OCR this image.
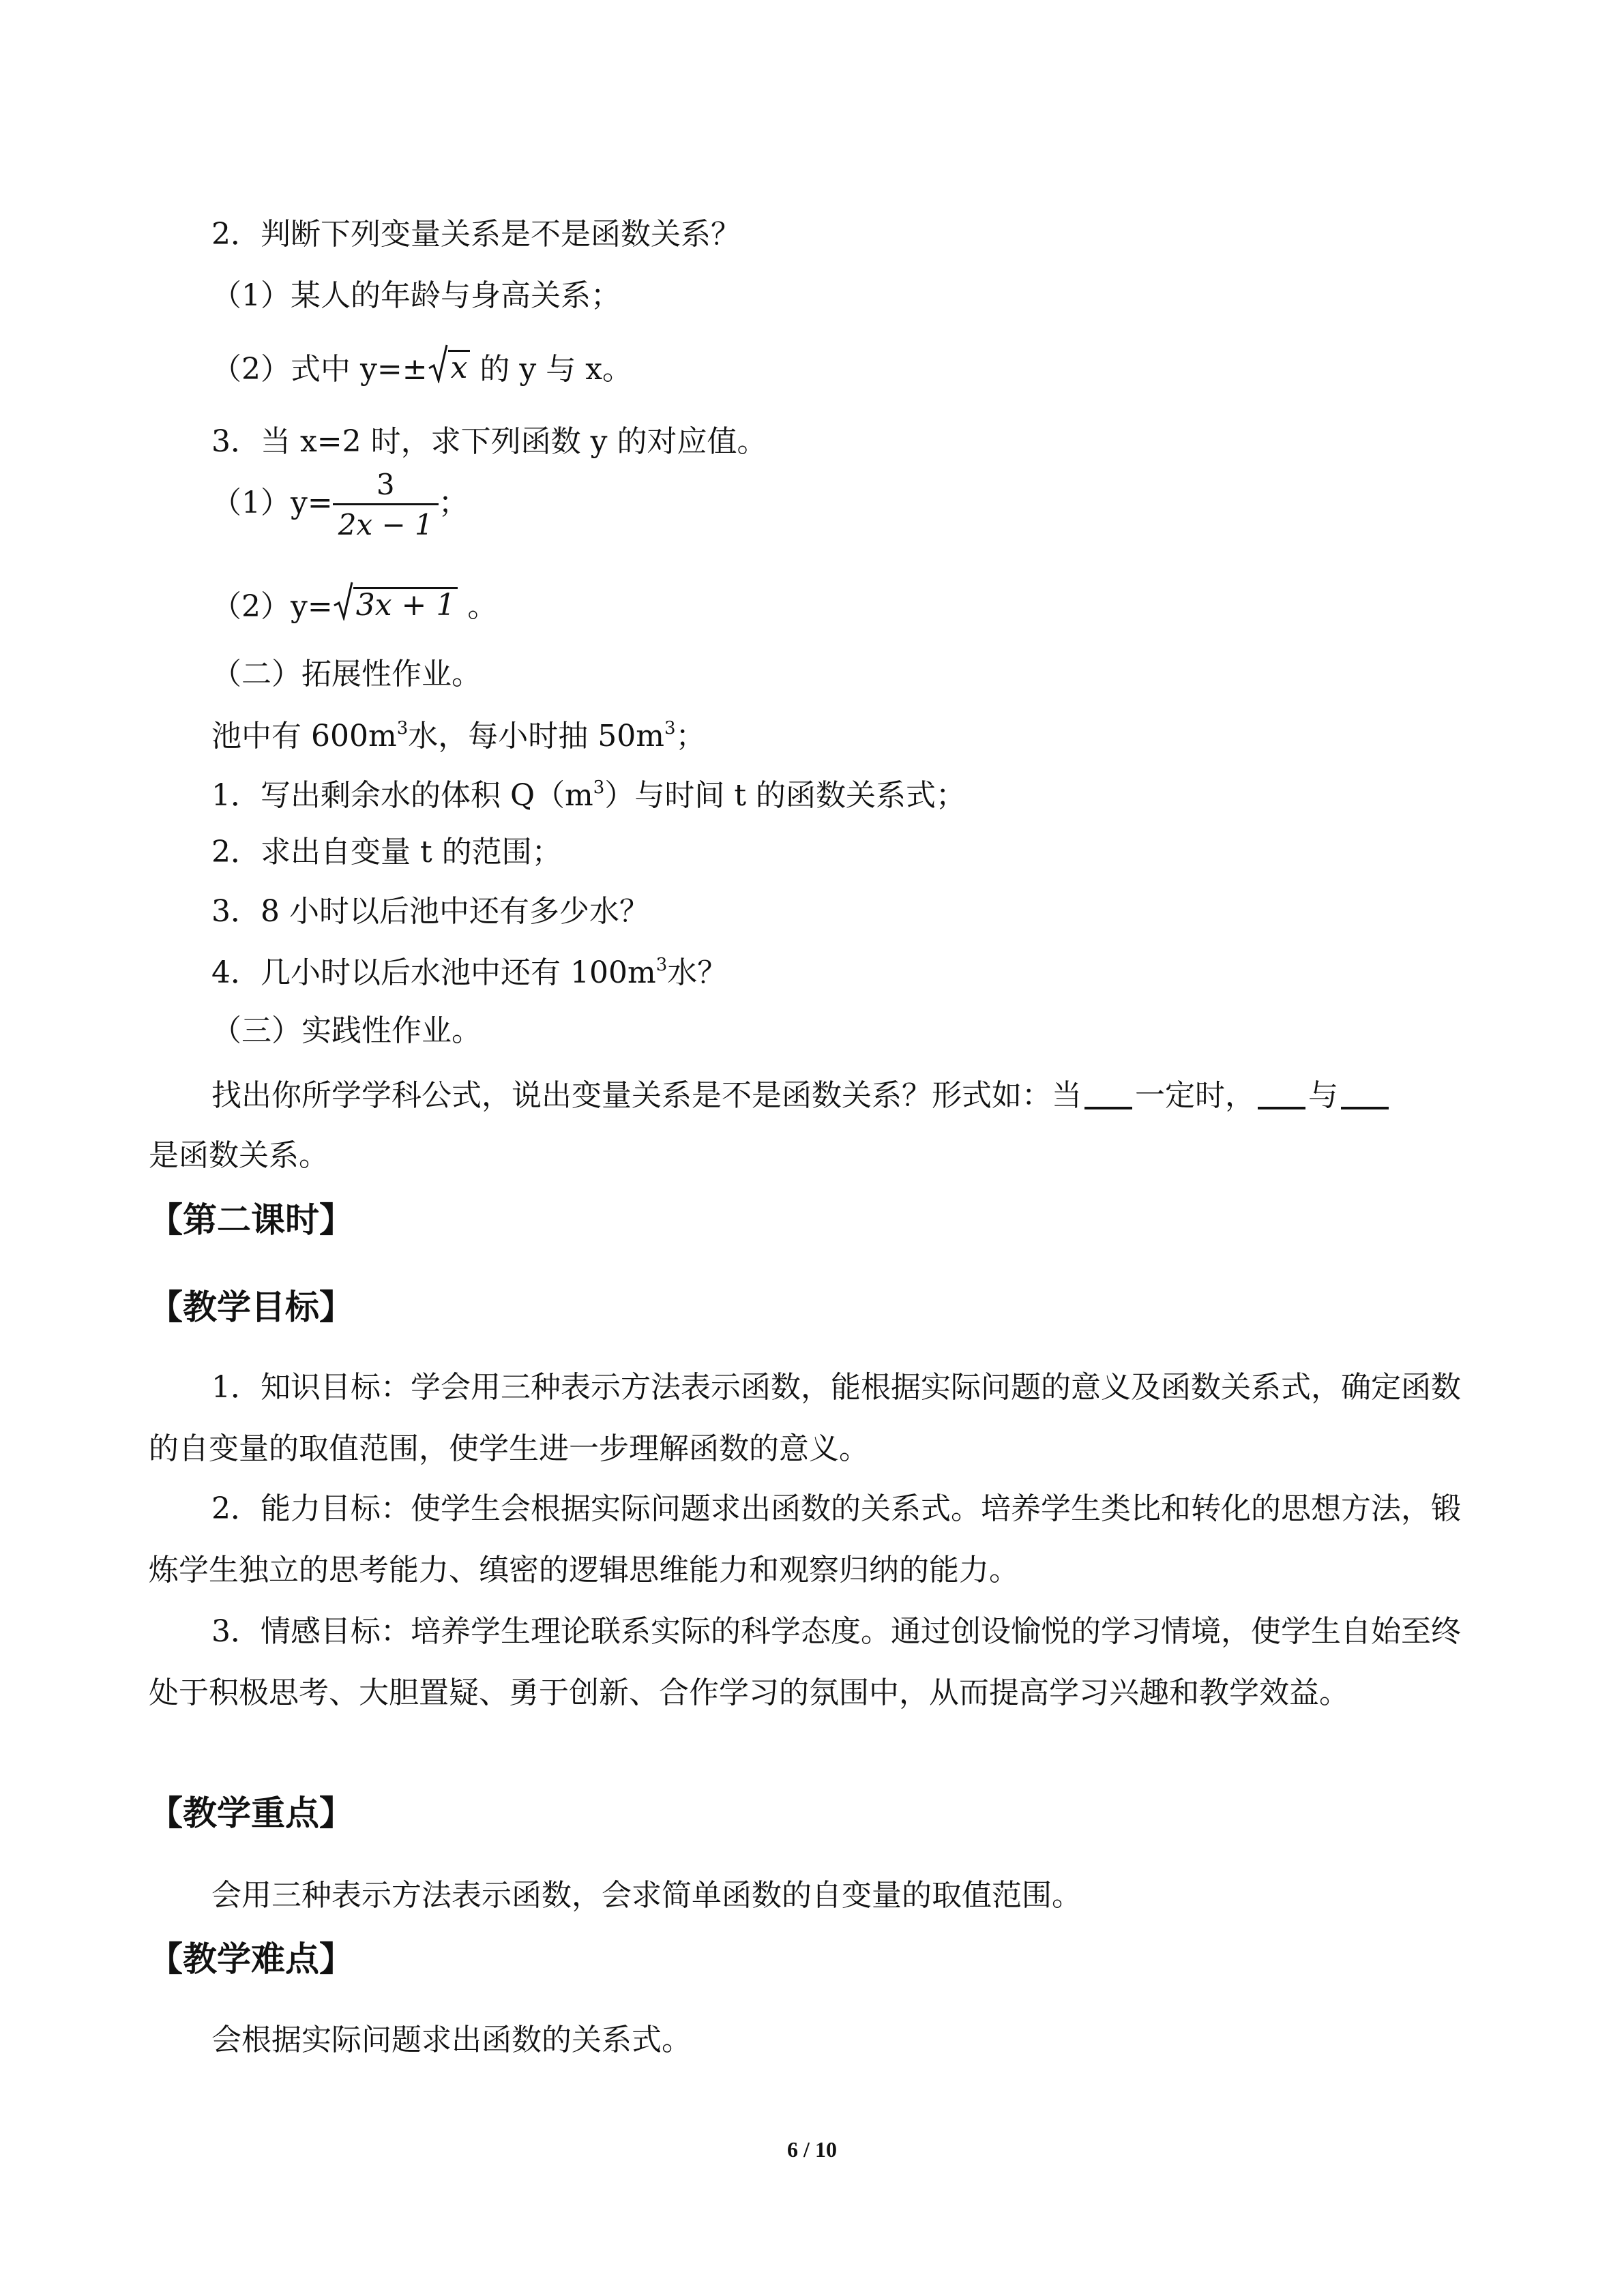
2．判断下列变量关系是不是函数关系？
（1）某人的年龄与身高关系；
（2）式中 y=± x 的 y 与 x。
3．当 x=2 时，求下列函数 y 的对应值。
$(1)y= \frac{3}{2x - 1}$ ；
（2）y= 3x + 1 。
（二）拓展性作业。
池中有 $600m^3$水，每小时抽 $50m^3$；
1．写出剩余水的体积 $Q(m^3)$与时间 t 的函数关系式；
2．求出自变量 t 的范围；
3．8 小时以后池中还有多少水？
4．几小时以后水池中还有 $100m^3$水？
（三）实践性作业。
找出你所学学科公式，说出变量关系是不是函数关系？形式如：当 一定时， 与
是函数关系。
【第二课时】
【教学目标】
1．知识目标：学会用三种表示方法表示函数，能根据实际问题的意义及函数关系式，确定函数的自变量的取值范围，使学生进一步理解函数的意义。
2．能力目标：使学生会根据实际问题求出函数的关系式。培养学生类比和转化的思想方法，锻炼学生独立的思考能力、缜密的逻辑思维能力和观察归纳的能力。
3．情感目标：培养学生理论联系实际的科学态度。通过创设愉悦的学习情境，使学生自始至终处于积极思考、大胆置疑、勇于创新、合作学习的氛围中，从而提高学习兴趣和教学效益。
【教学重点】
会用三种表示方法表示函数，会求简单函数的自变量的取值范围。
【教学难点】
会根据实际问题求出函数的关系式。
6 / 10
